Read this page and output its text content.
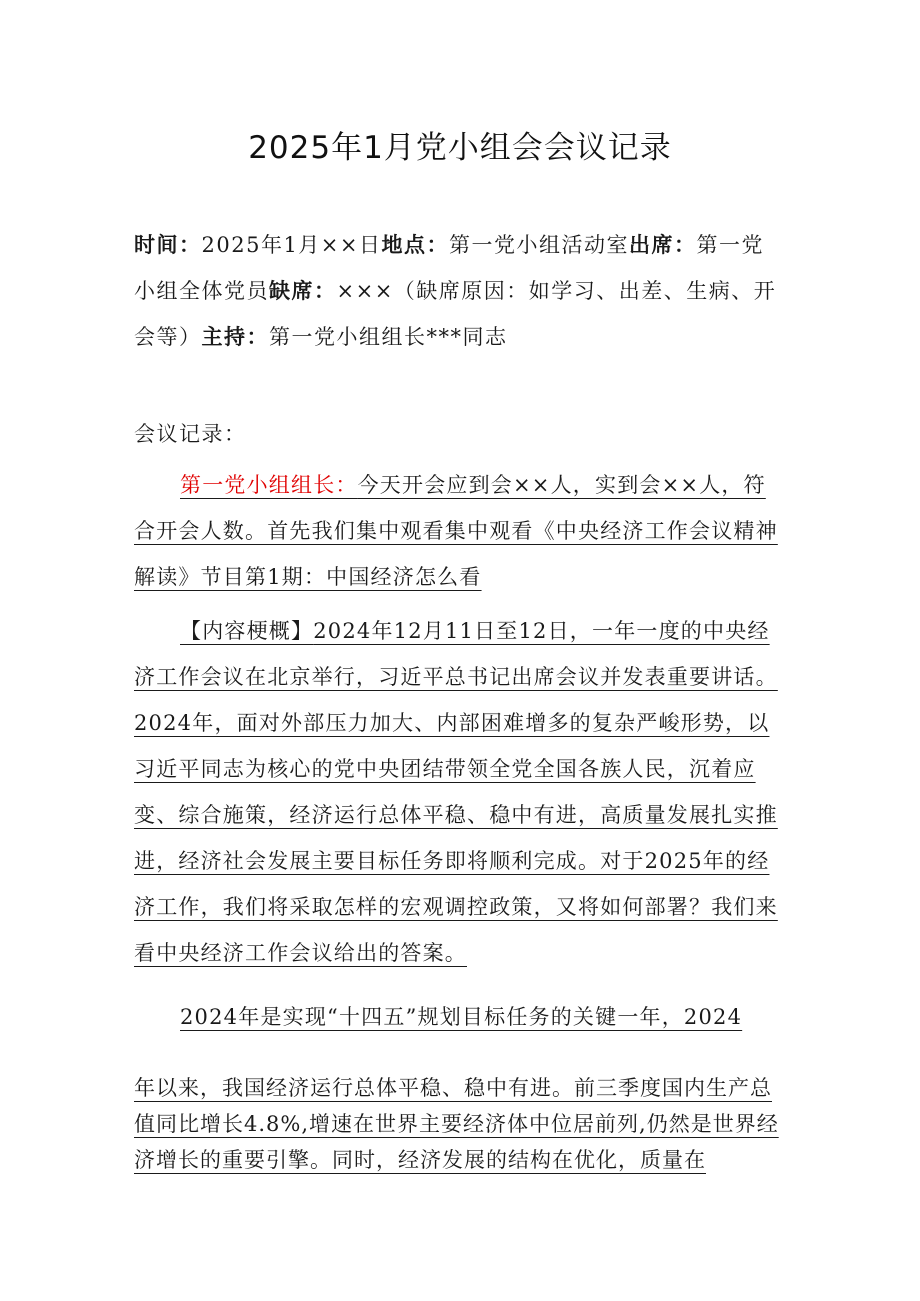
2025年1月党小组会会议记录
时间：2025年1月××日地点：第一党小组活动室出席：第一党小组全体党员缺席：×××（缺席原因：如学习、出差、生病、开会等）主持：第一党小组组长***同志
会议记录：
第一党小组组长：今天开会应到会××人，实到会××人，符合开会人数。首先我们集中观看集中观看《中央经济工作会议精神解读》节目第1期：中国经济怎么看
【内容梗概】2024年12月11日至12日，一年一度的中央经济工作会议在北京举行，习近平总书记出席会议并发表重要讲话。2024年，面对外部压力加大、内部困难增多的复杂严峻形势，以习近平同志为核心的党中央团结带领全党全国各族人民，沉着应变、综合施策，经济运行总体平稳、稳中有进，高质量发展扎实推进，经济社会发展主要目标任务即将顺利完成。对于2025年的经济工作，我们将采取怎样的宏观调控政策，又将如何部署？我们来看中央经济工作会议给出的答案。
2024年是实现“十四五”规划目标任务的关键一年，2024
年以来，我国经济运行总体平稳、稳中有进。前三季度国内生产总值同比增长4.8%,增速在世界主要经济体中位居前列,仍然是世界经济增长的重要引擎。同时，经济发展的结构在优化，质量在
